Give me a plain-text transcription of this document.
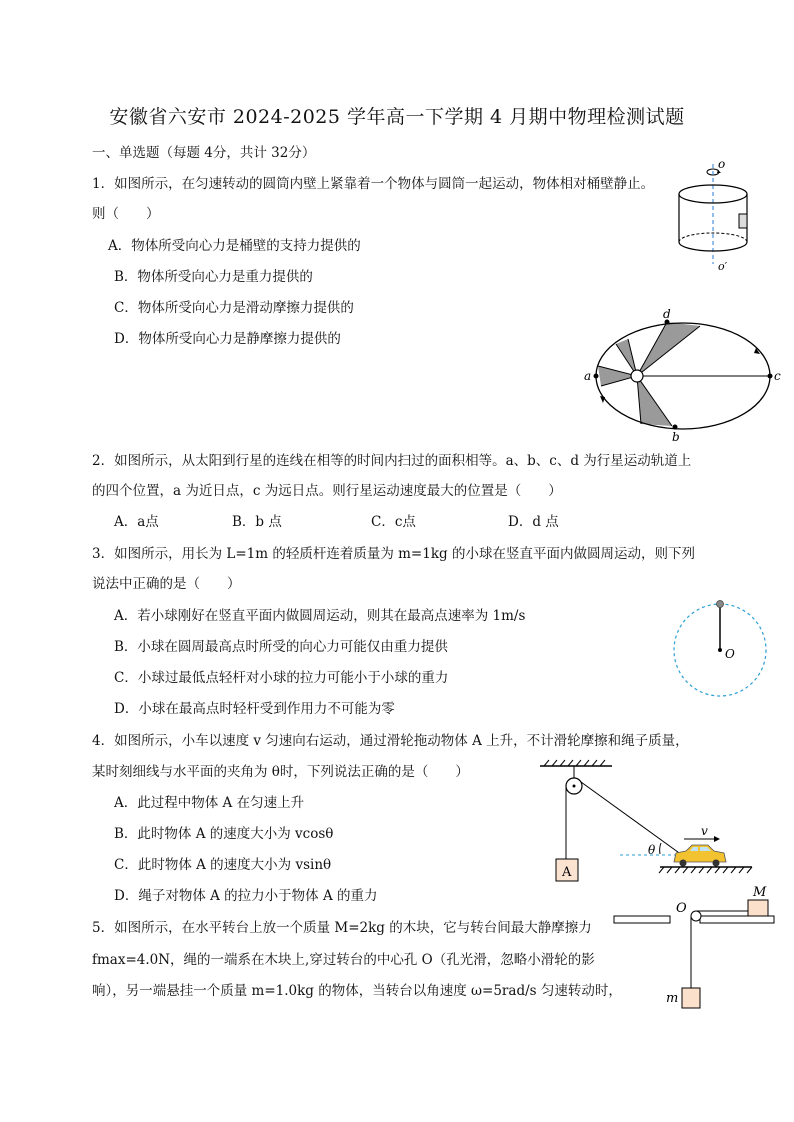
安徽省六安市 2024-2025 学年高一下学期 4 月期中物理检测试题
一、单选题（每题 4分，共计 32分）
1．如图所示，在匀速转动的圆筒内壁上紧靠着一个物体与圆筒一起运动，物体相对桶壁静止。
则（　　）
A．物体所受向心力是桶壁的支持力提供的
B．物体所受向心力是重力提供的
C．物体所受向心力是滑动摩擦力提供的
D．物体所受向心力是静摩擦力提供的
o
o′
a	c
d
b
2．如图所示，从太阳到行星的连线在相等的时间内扫过的面积相等。a、b、c、d 为行星运动轨道上
的四个位置，a 为近日点，c 为远日点。则行星运动速度最大的位置是（　　）
A．a点	B．b 点	C．c点	D．d 点
3．如图所示，用长为 L=1m 的轻质杆连着质量为 m=1kg 的小球在竖直平面内做圆周运动，则下列
说法中正确的是（　　）
A．若小球刚好在竖直平面内做圆周运动，则其在最高点速率为 1m/s
B．小球在圆周最高点时所受的向心力可能仅由重力提供
C．小球过最低点轻杆对小球的拉力可能小于小球的重力
D．小球在最高点时轻杆受到作用力不可能为零
O
4．如图所示，小车以速度 v 匀速向右运动，通过滑轮拖动物体 A 上升，不计滑轮摩擦和绳子质量，
某时刻细线与水平面的夹角为 θ时，下列说法正确的是（　　）
A．此过程中物体 A 在匀速上升
B．此时物体 A 的速度大小为 vcosθ
C．此时物体 A 的速度大小为 vsinθ
D．绳子对物体 A 的拉力小于物体 A 的重力
A
θ
v
5．如图所示，在水平转台上放一个质量 M=2kg 的木块，它与转台间最大静摩擦力
fmax=4.0N，绳的一端系在木块上,穿过转台的中心孔 O（孔光滑，忽略小滑轮的影
响），另一端悬挂一个质量 m=1.0kg 的物体，当转台以角速度 ω=5rad/s 匀速转动时，
O
M
m
